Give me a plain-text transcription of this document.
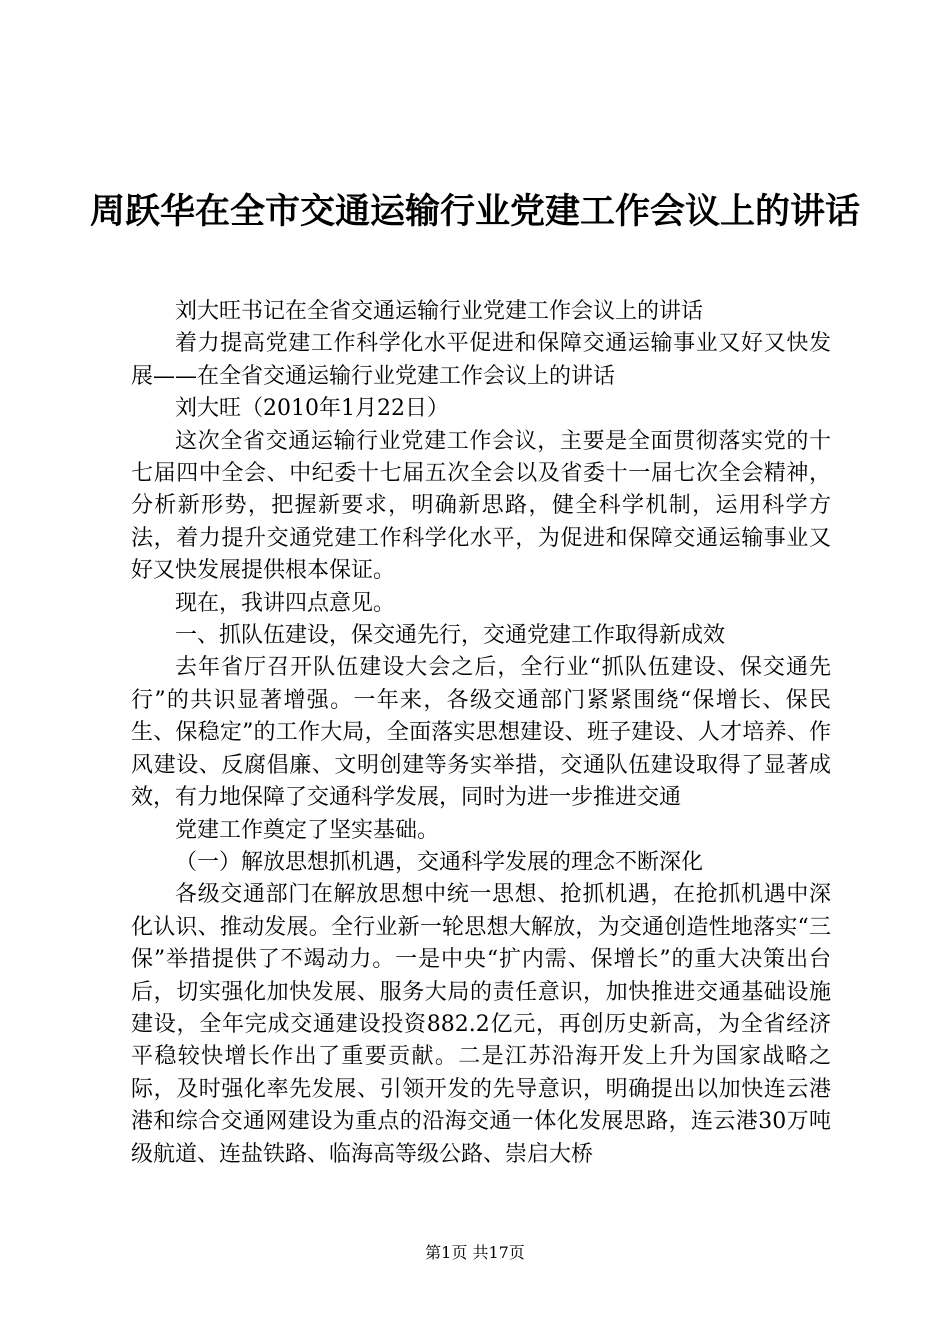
周跃华在全市交通运输行业党建工作会议上的讲话

刘大旺书记在全省交通运输行业党建工作会议上的讲话

着力提高党建工作科学化水平促进和保障交通运输事业又好又快发展——在全省交通运输行业党建工作会议上的讲话

刘大旺（2010年1月22日）

这次全省交通运输行业党建工作会议，主要是全面贯彻落实党的十七届四中全会、中纪委十七届五次全会以及省委十一届七次全会精神，分析新形势，把握新要求，明确新思路，健全科学机制，运用科学方法，着力提升交通党建工作科学化水平，为促进和保障交通运输事业又好又快发展提供根本保证。

现在，我讲四点意见。

一、抓队伍建设，保交通先行，交通党建工作取得新成效

去年省厅召开队伍建设大会之后，全行业“抓队伍建设、保交通先行”的共识显著增强。一年来，各级交通部门紧紧围绕“保增长、保民生、保稳定”的工作大局，全面落实思想建设、班子建设、人才培养、作风建设、反腐倡廉、文明创建等务实举措，交通队伍建设取得了显著成效，有力地保障了交通科学发展，同时为进一步推进交通

党建工作奠定了坚实基础。

（一）解放思想抓机遇，交通科学发展的理念不断深化

各级交通部门在解放思想中统一思想、抢抓机遇，在抢抓机遇中深化认识、推动发展。全行业新一轮思想大解放，为交通创造性地落实“三保”举措提供了不竭动力。一是中央“扩内需、保增长”的重大决策出台后，切实强化加快发展、服务大局的责任意识，加快推进交通基础设施建设，全年完成交通建设投资882.2亿元，再创历史新高，为全省经济平稳较快增长作出了重要贡献。二是江苏沿海开发上升为国家战略之际，及时强化率先发展、引领开发的先导意识，明确提出以加快连云港港和综合交通网建设为重点的沿海交通一体化发展思路，连云港30万吨级航道、连盐铁路、临海高等级公路、崇启大桥

第1页 共17页
